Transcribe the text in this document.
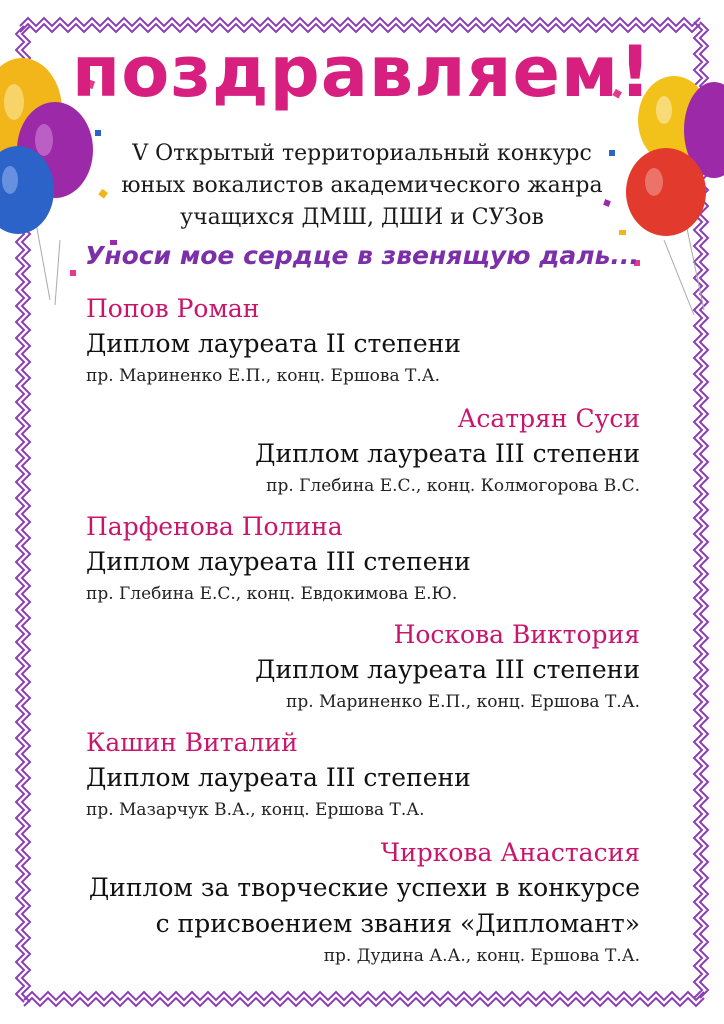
поздравляем!
V Открытый территориальный конкурс
юных вокалистов академического жанра
учащихся ДМШ, ДШИ и СУЗов
Уноси мое сердце в звенящую даль...
Попов Роман
Диплом лауреата II степени
пр. Мариненко Е.П., конц. Ершова Т.А.
Асатрян Суси
Диплом лауреата III степени
пр. Глебина Е.С., конц. Колмогорова В.С.
Парфенова Полина
Диплом лауреата III степени
пр. Глебина Е.С., конц. Евдокимова Е.Ю.
Носкова Виктория
Диплом лауреата III степени
пр. Мариненко Е.П., конц. Ершова Т.А.
Кашин Виталий
Диплом лауреата III степени
пр. Мазарчук В.А., конц. Ершова Т.А.
Чиркова Анастасия
Диплом за творческие успехи в конкурсе
с присвоением звания «Дипломант»
пр. Дудина А.А., конц. Ершова Т.А.
